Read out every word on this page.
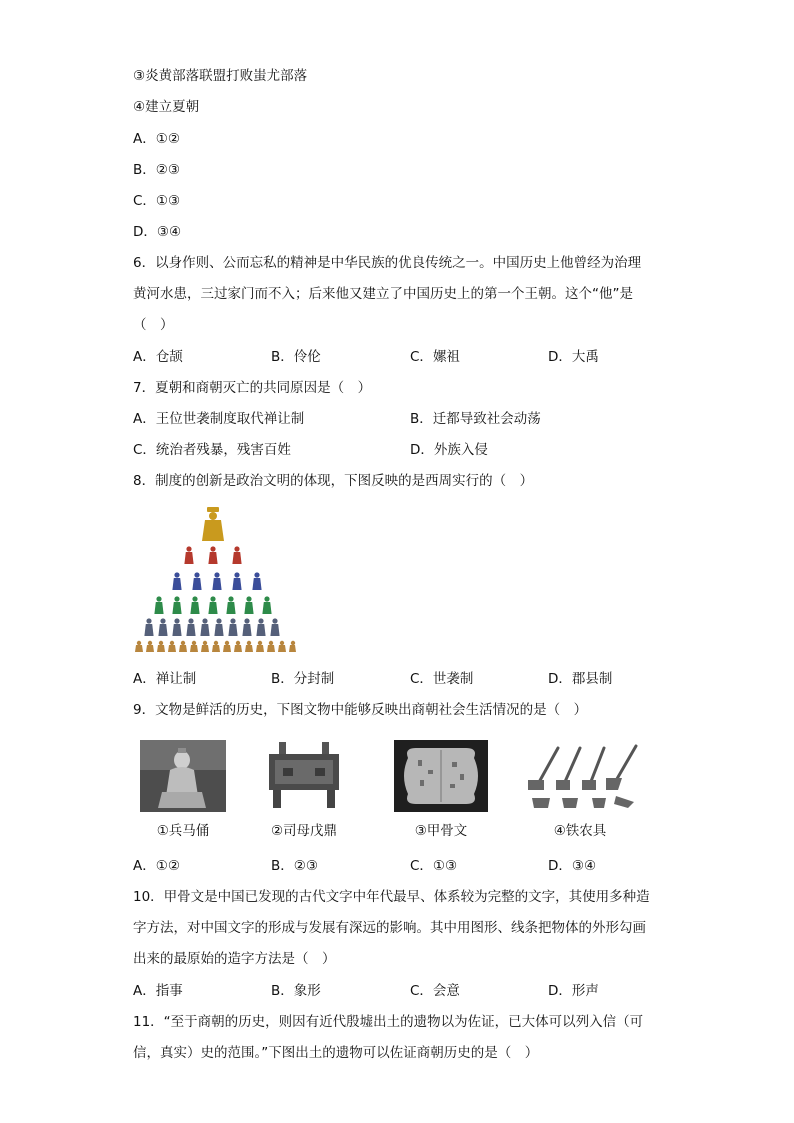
③炎黄部落联盟打败蚩尤部落
④建立夏朝
A．①②
B．②③
C．①③
D．③④
6．以身作则、公而忘私的精神是中华民族的优良传统之一。中国历史上他曾经为治理
黄河水患，三过家门而不入；后来他又建立了中国历史上的第一个王朝。这个“他”是
（　）
A．仓颉	B．伶伦	C．嫘祖	D．大禹
7．夏朝和商朝灭亡的共同原因是（　）
A．王位世袭制度取代禅让制	B．迁都导致社会动荡
C．统治者残暴，残害百姓	D．外族入侵
8．制度的创新是政治文明的体现，下图反映的是西周实行的（　）
A．禅让制	B．分封制	C．世袭制	D．郡县制
9．文物是鲜活的历史，下图文物中能够反映出商朝社会生活情况的是（　）
①兵马俑	②司母戊鼎	③甲骨文	④铁农具
A．①②	B．②③	C．①③	D．③④
10．甲骨文是中国已发现的古代文字中年代最早、体系较为完整的文字，其使用多种造
字方法，对中国文字的形成与发展有深远的影响。其中用图形、线条把物体的外形勾画
出来的最原始的造字方法是（　）
A．指事	B．象形	C．会意	D．形声
11．“至于商朝的历史，则因有近代殷墟出土的遗物以为佐证，已大体可以列入信（可
信，真实）史的范围。”下图出土的遗物可以佐证商朝历史的是（　）
